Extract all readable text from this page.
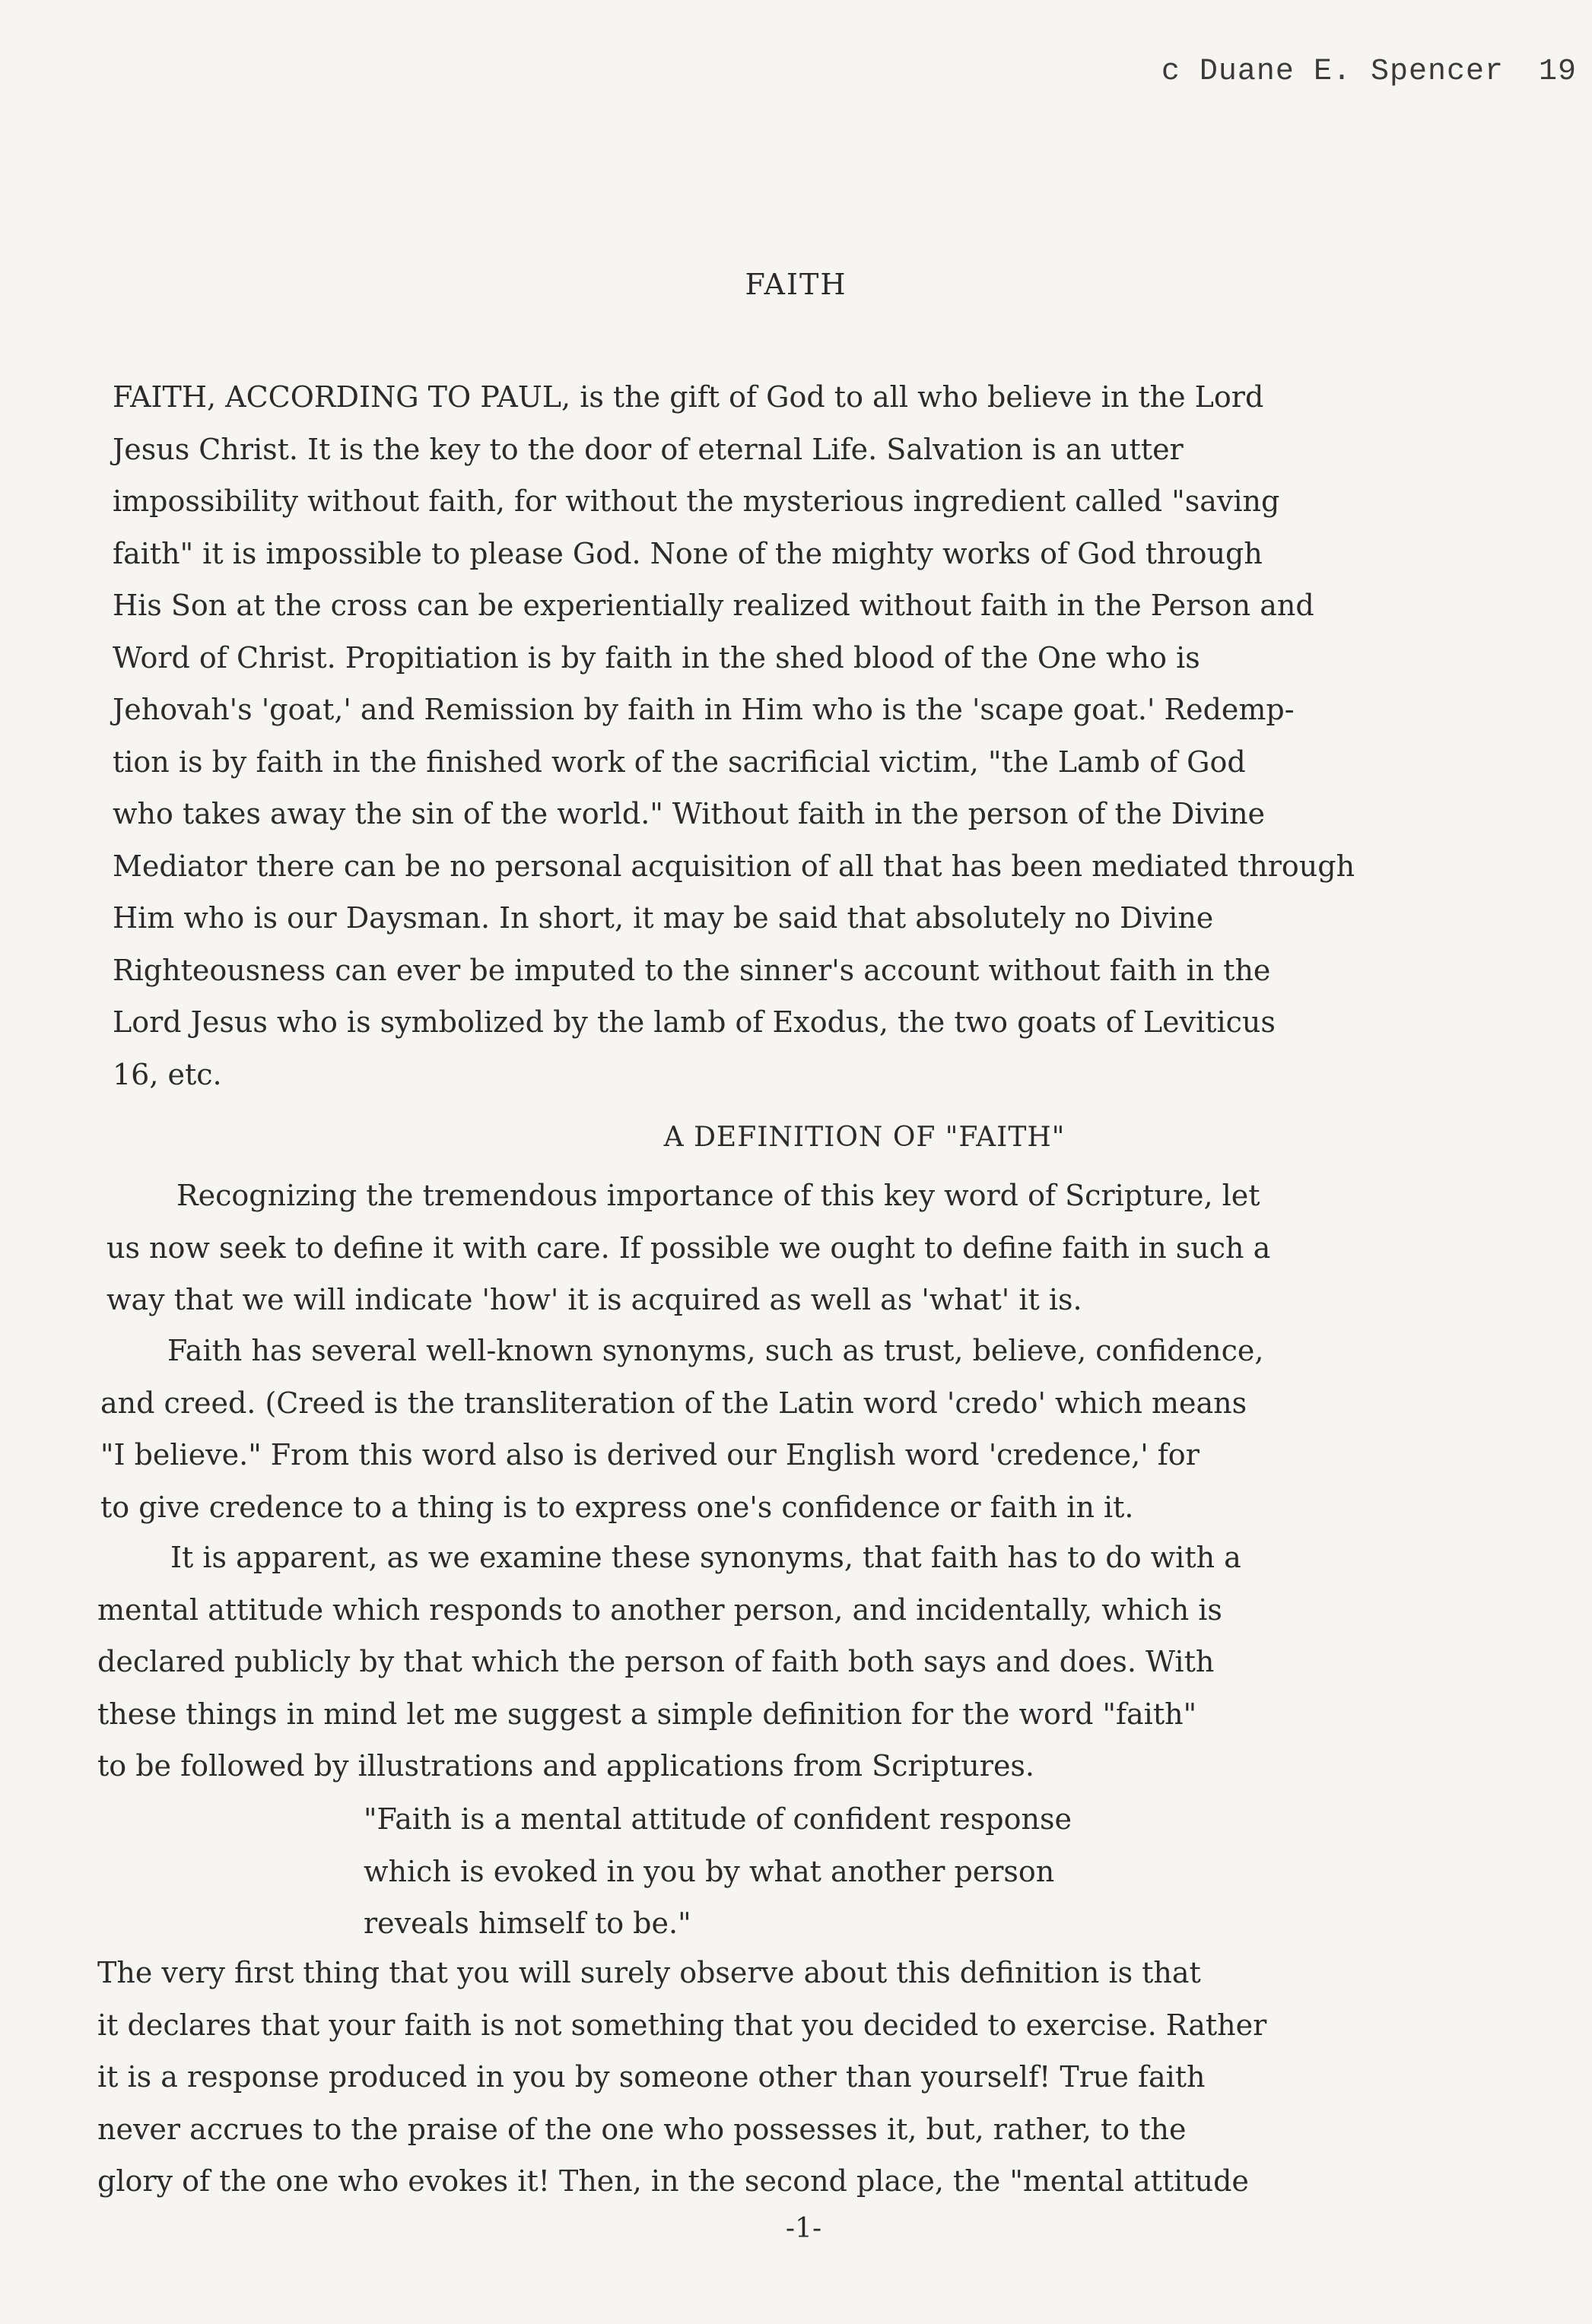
c Duane E. Spencer 19
FAITH
FAITH, ACCORDING TO PAUL, is the gift of God to all who believe in the Lord
Jesus Christ. It is the key to the door of eternal Life. Salvation is an utter
impossibility without faith, for without the mysterious ingredient called "saving
faith" it is impossible to please God. None of the mighty works of God through
His Son at the cross can be experientially realized without faith in the Person and
Word of Christ. Propitiation is by faith in the shed blood of the One who is
Jehovah's 'goat,' and Remission by faith in Him who is the 'scape goat.' Redemp-
tion is by faith in the finished work of the sacrificial victim, "the Lamb of God
who takes away the sin of the world." Without faith in the person of the Divine
Mediator there can be no personal acquisition of all that has been mediated through
Him who is our Daysman. In short, it may be said that absolutely no Divine
Righteousness can ever be imputed to the sinner's account without faith in the
Lord Jesus who is symbolized by the lamb of Exodus, the two goats of Leviticus
16, etc.
A DEFINITION OF "FAITH"
Recognizing the tremendous importance of this key word of Scripture, let
us now seek to define it with care. If possible we ought to define faith in such a
way that we will indicate 'how' it is acquired as well as 'what' it is.
Faith has several well-known synonyms, such as trust, believe, confidence,
and creed. (Creed is the transliteration of the Latin word 'credo' which means
"I believe." From this word also is derived our English word 'credence,' for
to give credence to a thing is to express one's confidence or faith in it.
It is apparent, as we examine these synonyms, that faith has to do with a
mental attitude which responds to another person, and incidentally, which is
declared publicly by that which the person of faith both says and does. With
these things in mind let me suggest a simple definition for the word "faith"
to be followed by illustrations and applications from Scriptures.
"Faith is a mental attitude of confident response
which is evoked in you by what another person
reveals himself to be."
The very first thing that you will surely observe about this definition is that
it declares that your faith is not something that you decided to exercise. Rather
it is a response produced in you by someone other than yourself! True faith
never accrues to the praise of the one who possesses it, but, rather, to the
glory of the one who evokes it! Then, in the second place, the "mental attitude
-1-
